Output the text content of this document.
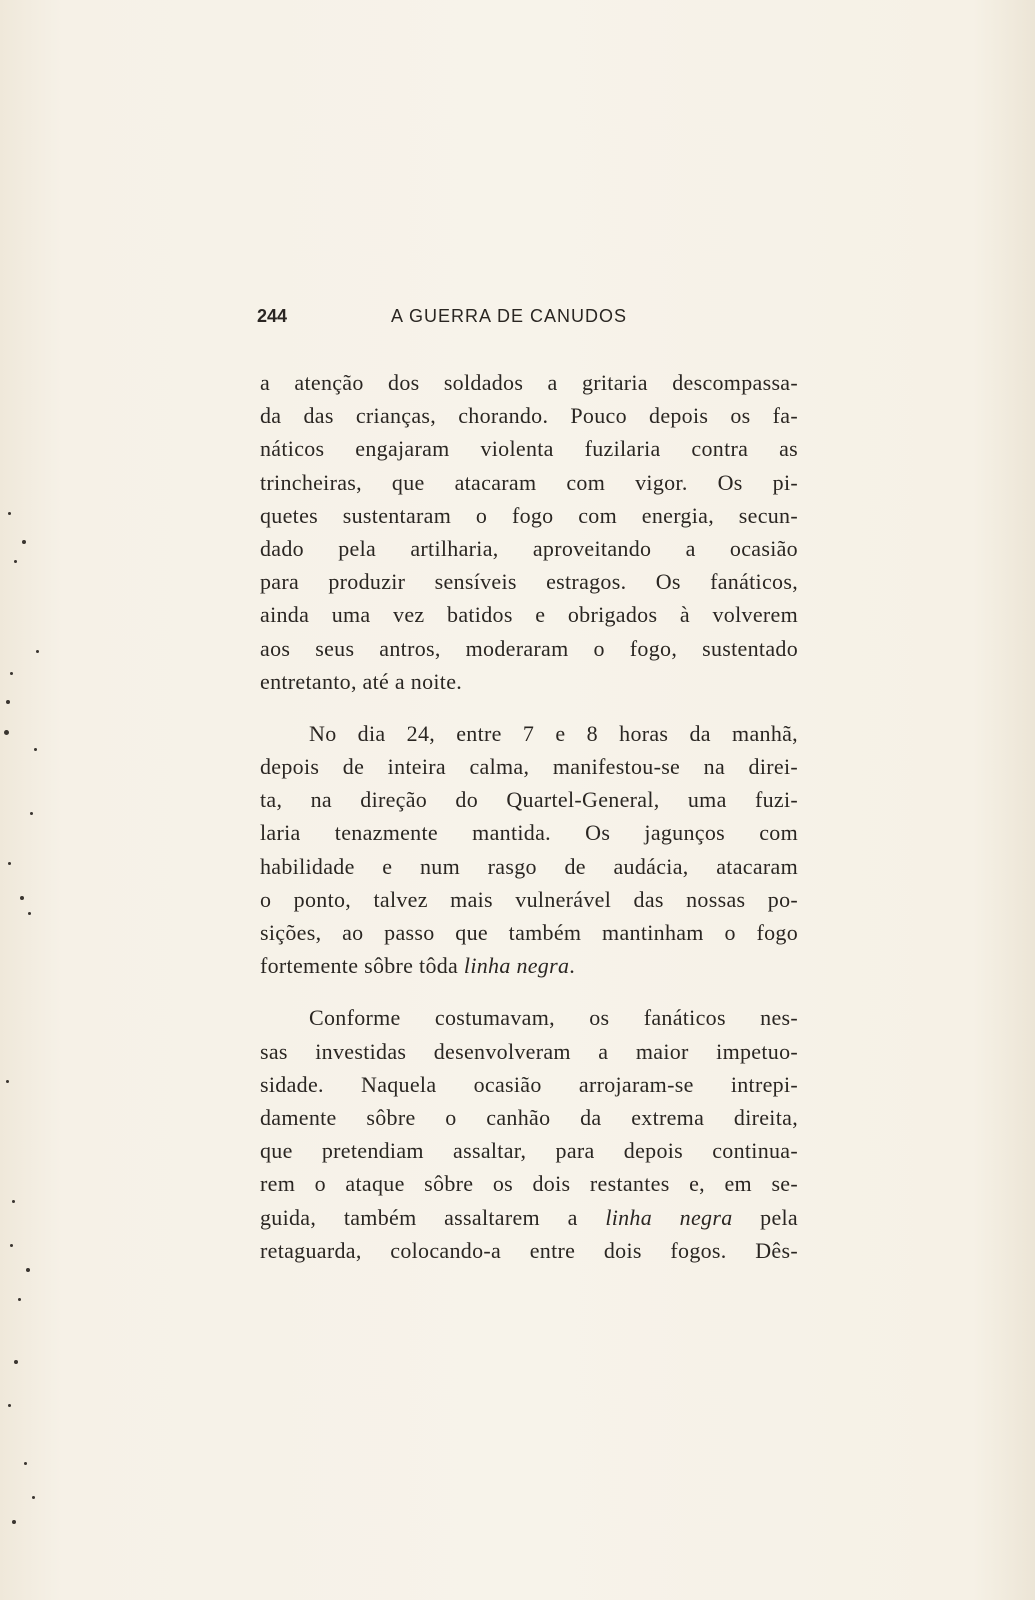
244	A GUERRA DE CANUDOS
a atenção dos soldados a gritaria descompassa-
da das crianças, chorando. Pouco depois os fa-
náticos engajaram violenta fuzilaria contra as
trincheiras, que atacaram com vigor. Os pi-
quetes sustentaram o fogo com energia, secun-
dado pela artilharia, aproveitando a ocasião
para produzir sensíveis estragos. Os fanáticos,
ainda uma vez batidos e obrigados à volverem
aos seus antros, moderaram o fogo, sustentado
entretanto, até a noite.
No dia 24, entre 7 e 8 horas da manhã,
depois de inteira calma, manifestou-se na direi-
ta, na direção do Quartel-General, uma fuzi-
laria tenazmente mantida. Os jagunços com
habilidade e num rasgo de audácia, atacaram
o ponto, talvez mais vulnerável das nossas po-
sições, ao passo que também mantinham o fogo
fortemente sôbre tôda linha negra.
Conforme costumavam, os fanáticos nes-
sas investidas desenvolveram a maior impetuo-
sidade. Naquela ocasião arrojaram-se intrepi-
damente sôbre o canhão da extrema direita,
que pretendiam assaltar, para depois continua-
rem o ataque sôbre os dois restantes e, em se-
guida, também assaltarem a linha negra pela
retaguarda, colocando-a entre dois fogos. Dês-
